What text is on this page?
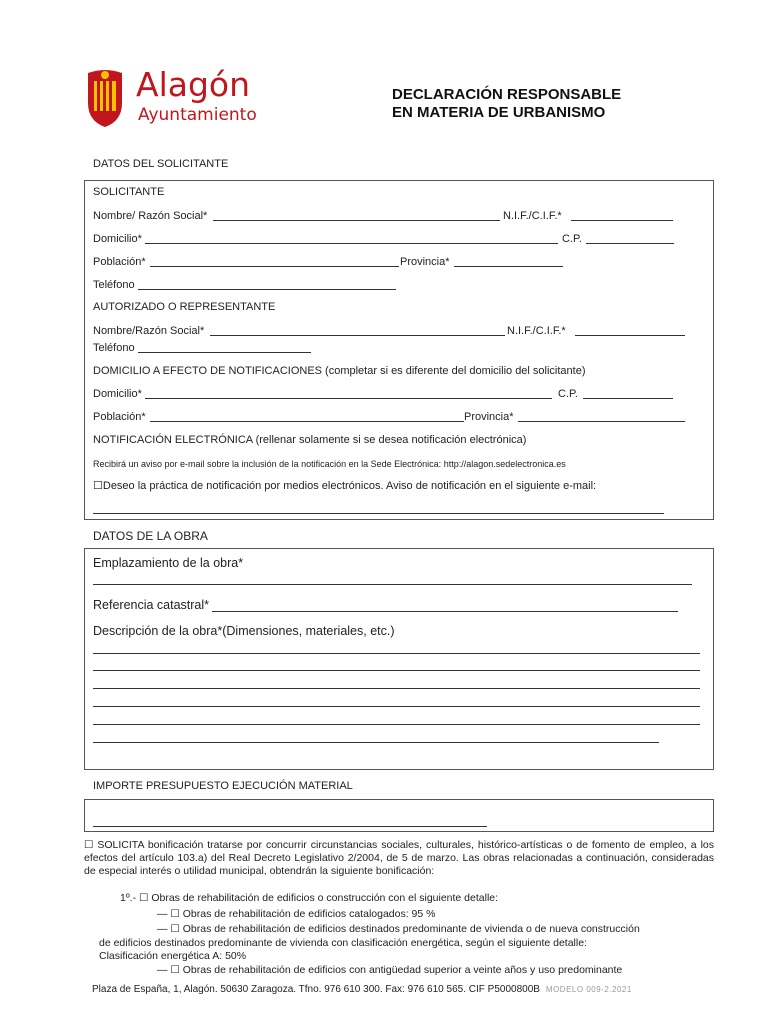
Alagón
Ayuntamiento
DECLARACIÓN RESPONSABLE
EN MATERIA DE URBANISMO
DATOS DEL SOLICITANTE
SOLICITANTE
Nombre/ Razón Social*	N.I.F./C.I.F.*
Domicilio*	C.P.
Población*	Provincia*
Teléfono
AUTORIZADO O REPRESENTANTE
Nombre/Razón Social*	N.I.F./C.I.F.*
Teléfono
DOMICILIO A EFECTO DE NOTIFICACIONES (completar si es diferente del domicilio del solicitante)
Domicilio*	C.P.
Población*	Provincia*
NOTIFICACIÓN ELECTRÓNICA (rellenar solamente si se desea notificación electrónica)
Recibirá un aviso por e-mail sobre la inclusión de la notificación en la Sede Electrónica: http://alagon.sedelectronica.es
☐Deseo la práctica de notificación por medios electrónicos. Aviso de notificación en el siguiente e-mail:
DATOS DE LA OBRA
Emplazamiento de la obra*
Referencia catastral*
Descripción de la obra*(Dimensiones, materiales, etc.)
IMPORTE PRESUPUESTO EJECUCIÓN MATERIAL
☐ SOLICITA bonificación tratarse por concurrir circunstancias sociales, culturales, histórico-artísticas o de fomento de empleo, a los efectos del artículo 103.a) del Real Decreto Legislativo 2/2004, de 5 de marzo. Las obras relacionadas a continuación, consideradas de especial interés o utilidad municipal, obtendrán la siguiente bonificación:
1º.- ☐ Obras de rehabilitación de edificios o construcción con el siguiente detalle:
— ☐ Obras de rehabilitación de edificios catalogados: 95 %
— ☐ Obras de rehabilitación de edificios destinados predominante de vivienda o de nueva construcción
de edificios destinados predominante de vivienda con clasificación energética, según el siguiente detalle:
Clasificación energética A: 50%
— ☐ Obras de rehabilitación de edificios con antigüedad superior a veinte años y uso predominante
Plaza de España, 1, Alagón. 50630 Zaragoza. Tfno. 976 610 300. Fax: 976 610 565. CIF P5000800B MODELO 009-2.2021
